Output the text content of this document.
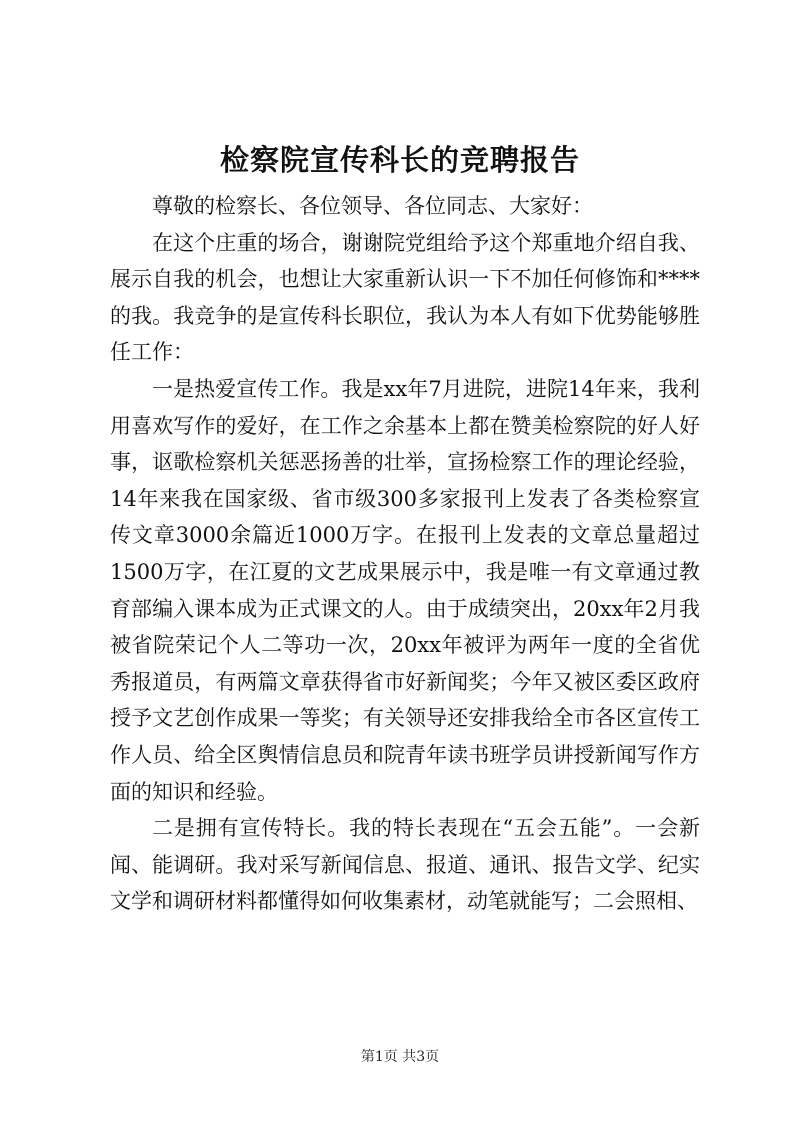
检察院宣传科长的竞聘报告

尊敬的检察长、各位领导、各位同志、大家好：

在这个庄重的场合，谢谢院党组给予这个郑重地介绍自我、展示自我的机会，也想让大家重新认识一下不加任何修饰和****的我。我竞争的是宣传科长职位，我认为本人有如下优势能够胜任工作：

一是热爱宣传工作。我是xx年7月进院，进院14年来，我利用喜欢写作的爱好，在工作之余基本上都在赞美检察院的好人好事，讴歌检察机关惩恶扬善的壮举，宣扬检察工作的理论经验，14年来我在国家级、省市级300多家报刊上发表了各类检察宣传文章3000余篇近1000万字。在报刊上发表的文章总量超过1500万字，在江夏的文艺成果展示中，我是唯一有文章通过教育部编入课本成为正式课文的人。由于成绩突出，20xx年2月我被省院荣记个人二等功一次，20xx年被评为两年一度的全省优秀报道员，有两篇文章获得省市好新闻奖；今年又被区委区政府授予文艺创作成果一等奖；有关领导还安排我给全市各区宣传工作人员、给全区舆情信息员和院青年读书班学员讲授新闻写作方面的知识和经验。

二是拥有宣传特长。我的特长表现在“五会五能”。一会新闻、能调研。我对采写新闻信息、报道、通讯、报告文学、纪实文学和调研材料都懂得如何收集素材，动笔就能写；二会照相、

第1页 共3页
